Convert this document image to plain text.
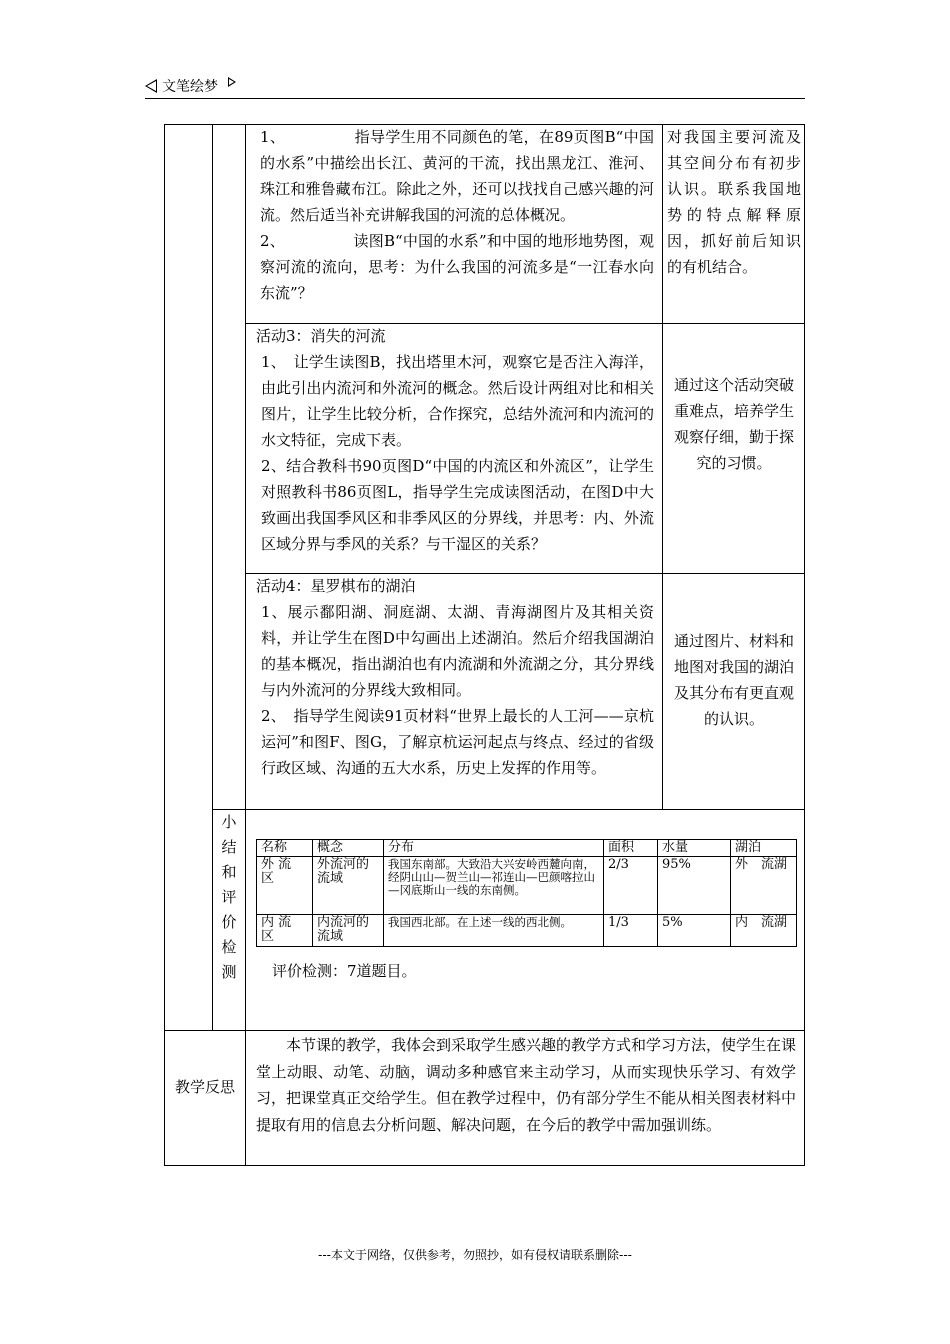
文笔绘梦

1、　　　　　指导学生用不同颜色的笔，在89页图B“中国的水系”中描绘出长江、黄河的干流，找出黑龙江、淮河、珠江和雅鲁藏布江。除此之外，还可以找找自己感兴趣的河流。然后适当补充讲解我国的河流的总体概况。

2、　　　　　读图B“中国的水系”和中国的地形地势图，观察河流的流向，思考：为什么我国的河流多是“一江春水向东流”？

对我国主要河流及其空间分布有初步认识。联系我国地势的特点解释原因，抓好前后知识的有机结合。

活动3：消失的河流

1、　让学生读图B，找出塔里木河，观察它是否注入海洋，由此引出内流河和外流河的概念。然后设计两组对比和相关图片，让学生比较分析，合作探究，总结外流河和内流河的水文特征，完成下表。

2、结合教科书90页图D“中国的内流区和外流区”，让学生对照教科书86页图L，指导学生完成读图活动，在图D中大致画出我国季风区和非季风区的分界线，并思考：内、外流区域分界与季风的关系？与干湿区的关系？

通过这个活动突破重难点，培养学生观察仔细，勤于探究的习惯。

活动4：星罗棋布的湖泊

1、展示鄱阳湖、洞庭湖、太湖、青海湖图片及其相关资料，并让学生在图D中勾画出上述湖泊。然后介绍我国湖泊的基本概况，指出湖泊也有内流湖和外流湖之分，其分界线与内外流河的分界线大致相同。

2、　指导学生阅读91页材料“世界上最长的人工河——京杭运河”和图F、图G，了解京杭运河起点与终点、经过的省级行政区域、沟通的五大水系，历史上发挥的作用等。

通过图片、材料和地图对我国的湖泊及其分布有更直观的认识。
小
结
和
评
价
检
测
名称	概念	分布	面积	水量	湖泊
外 流 区	外流河的流域	我国东南部。大致沿大兴安岭西麓向南，经阴山山—贺兰山—祁连山—巴颜喀拉山—冈底斯山一线的东南侧。	2/3	95%	外　流湖
内 流 区	内流河的流域	我国西北部。在上述一线的西北侧。	1/3	5%	内　流湖
评价检测：7道题目。
教学反思

本节课的教学，我体会到采取学生感兴趣的教学方式和学习方法，使学生在课堂上动眼、动笔、动脑，调动多种感官来主动学习，从而实现快乐学习、有效学习，把课堂真正交给学生。但在教学过程中，仍有部分学生不能从相关图表材料中提取有用的信息去分析问题、解决问题，在今后的教学中需加强训练。

---本文于网络，仅供参考，勿照抄，如有侵权请联系删除---
